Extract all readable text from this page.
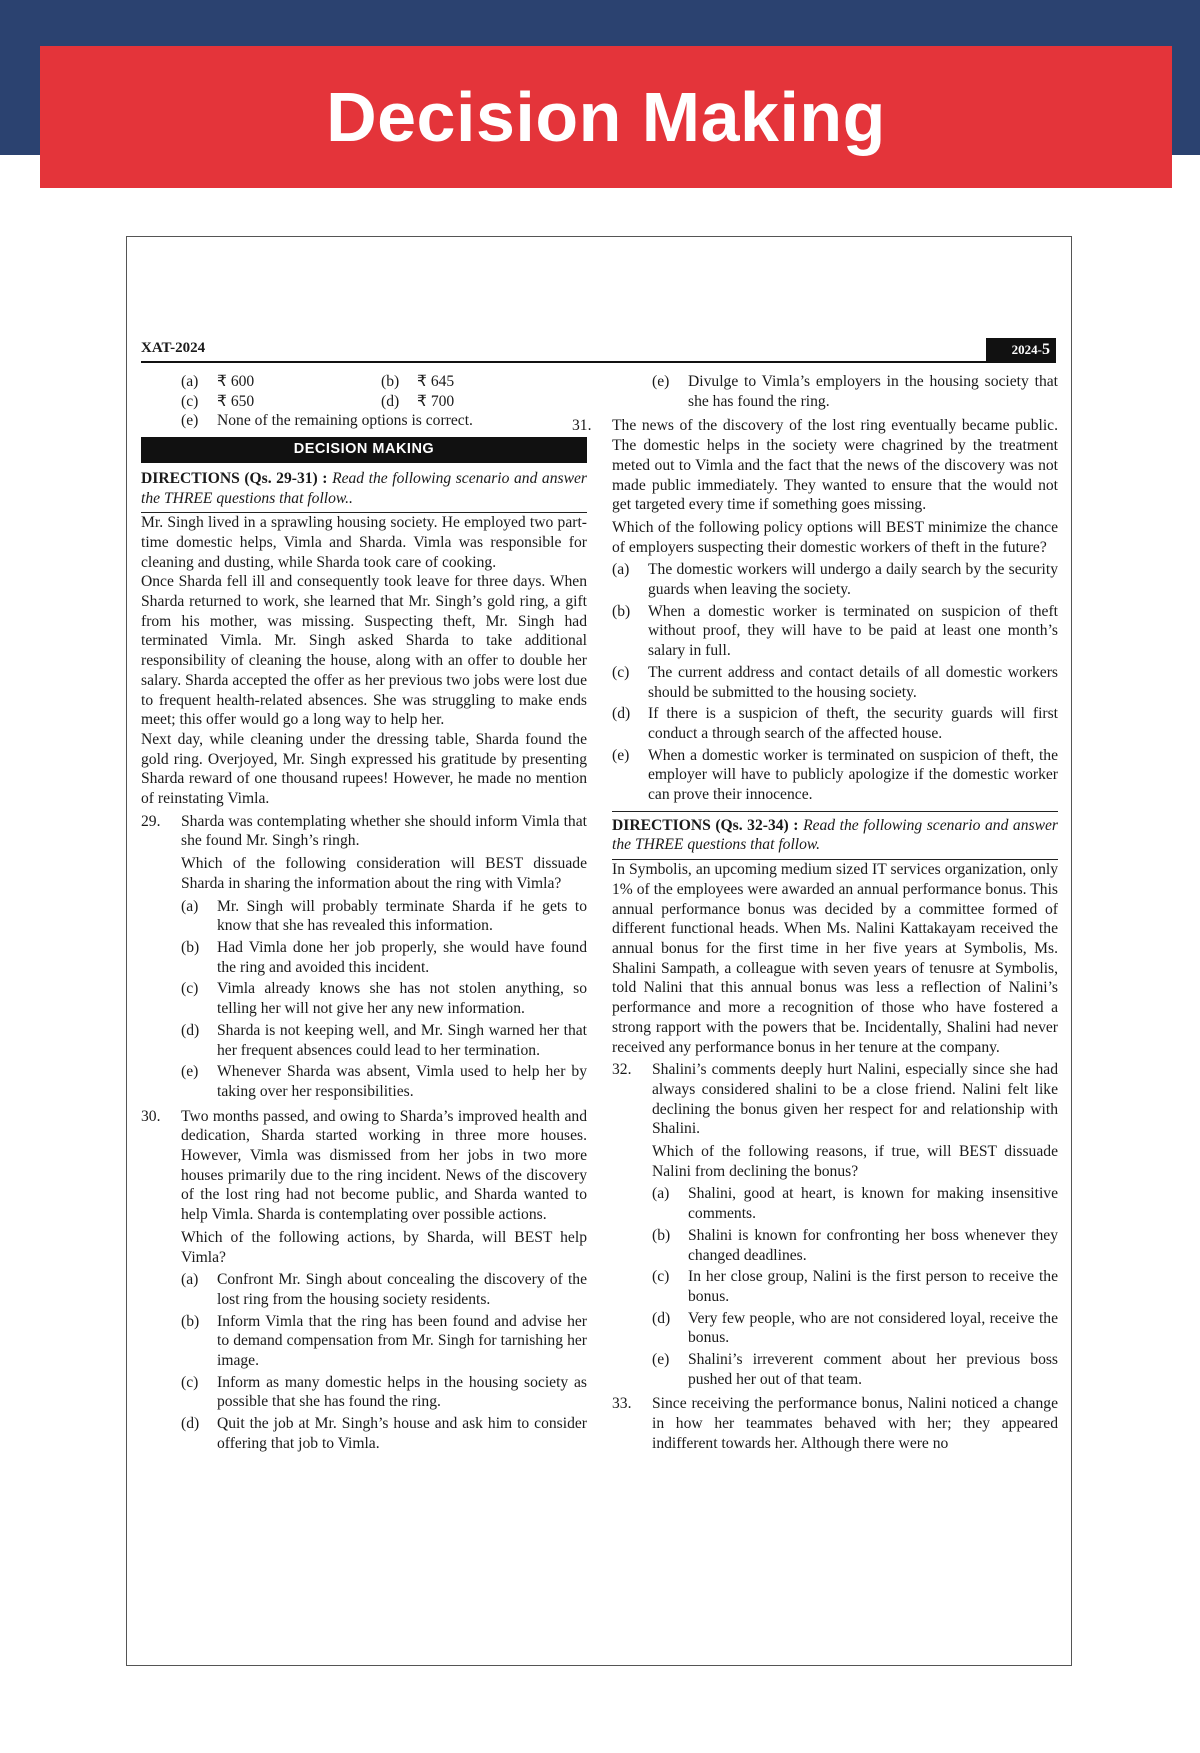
Decision Making
XAT-2024	2024-5
(a)	₹ 600	(b)	₹ 645
(c)	₹ 650	(d)	₹ 700
(e)	None of the remaining options is correct.
DECISION MAKING

DIRECTIONS (Qs. 29-31) : Read the following scenario and answer the THREE questions that follow..

Mr. Singh lived in a sprawling housing society. He employed two part-time domestic helps, Vimla and Sharda. Vimla was responsible for cleaning and dusting, while Sharda took care of cooking.

Once Sharda fell ill and consequently took leave for three days. When Sharda returned to work, she learned that Mr. Singh’s gold ring, a gift from his mother, was missing. Suspecting theft, Mr. Singh had terminated Vimla. Mr. Singh asked Sharda to take additional responsibility of cleaning the house, along with an offer to double her salary. Sharda accepted the offer as her previous two jobs were lost due to frequent health-related absences. She was struggling to make ends meet; this offer would go a long way to help her.

Next day, while cleaning under the dressing table, Sharda found the gold ring. Overjoyed, Mr. Singh expressed his gratitude by presenting Sharda reward of one thousand rupees! However, he made no mention of reinstating Vimla.

29.	Sharda was contemplating whether she should inform Vimla that she found Mr. Singh’s ringh.

Which of the following consideration will BEST dissuade Sharda in sharing the information about the ring with Vimla?

(a)	Mr. Singh will probably terminate Sharda if he gets to know that she has revealed this information.
(b)	Had Vimla done her job properly, she would have found the ring and avoided this incident.
(c)	Vimla already knows she has not stolen anything, so telling her will not give her any new information.
(d)	Sharda is not keeping well, and Mr. Singh warned her that her frequent absences could lead to her termination.
(e)	Whenever Sharda was absent, Vimla used to help her by taking over her responsibilities.
30.	Two months passed, and owing to Sharda’s improved health and dedication, Sharda started working in three more houses. However, Vimla was dismissed from her jobs in two more houses primarily due to the ring incident. News of the discovery of the lost ring had not become public, and Sharda wanted to help Vimla. Sharda is contemplating over possible actions.

Which of the following actions, by Sharda, will BEST help Vimla?

(a)	Confront Mr. Singh about concealing the discovery of the lost ring from the housing society residents.
(b)	Inform Vimla that the ring has been found and advise her to demand compensation from Mr. Singh for tarnishing her image.
(c)	Inform as many domestic helps in the housing society as possible that she has found the ring.
(d)	Quit the job at Mr. Singh’s house and ask him to consider offering that job to Vimla.
(e)	Divulge to Vimla’s employers in the housing society that she has found the ring.
31.	The news of the discovery of the lost ring eventually became public. The domestic helps in the society were chagrined by the treatment meted out to Vimla and the fact that the news of the discovery was not made public immediately. They wanted to ensure that the would not get targeted every time if something goes missing.

Which of the following policy options will BEST minimize the chance of employers suspecting their domestic workers of theft in the future?

(a)	The domestic workers will undergo a daily search by the security guards when leaving the society.
(b)	When a domestic worker is terminated on suspicion of theft without proof, they will have to be paid at least one month’s salary in full.
(c)	The current address and contact details of all domestic workers should be submitted to the housing society.
(d)	If there is a suspicion of theft, the security guards will first conduct a through search of the affected house.
(e)	When a domestic worker is terminated on suspicion of theft, the employer will have to publicly apologize if the domestic worker can prove their innocence.

DIRECTIONS (Qs. 32-34) : Read the following scenario and answer the THREE questions that follow.

In Symbolis, an upcoming medium sized IT services organization, only 1% of the employees were awarded an annual performance bonus. This annual performance bonus was decided by a committee formed of different functional heads. When Ms. Nalini Kattakayam received the annual bonus for the first time in her five years at Symbolis, Ms. Shalini Sampath, a colleague with seven years of tenusre at Symbolis, told Nalini that this annual bonus was less a reflection of Nalini’s performance and more a recognition of those who have fostered a strong rapport with the powers that be. Incidentally, Shalini had never received any performance bonus in her tenure at the company.

32.	Shalini’s comments deeply hurt Nalini, especially since she had always considered shalini to be a close friend. Nalini felt like declining the bonus given her respect for and relationship with Shalini.

Which of the following reasons, if true, will BEST dissuade Nalini from declining the bonus?

(a)	Shalini, good at heart, is known for making insensitive comments.
(b)	Shalini is known for confronting her boss whenever they changed deadlines.
(c)	In her close group, Nalini is the first person to receive the bonus.
(d)	Very few people, who are not considered loyal, receive the bonus.
(e)	Shalini’s irreverent comment about her previous boss pushed her out of that team.
33.	Since receiving the performance bonus, Nalini noticed a change in how her teammates behaved with her; they appeared indifferent towards her. Although there were no
